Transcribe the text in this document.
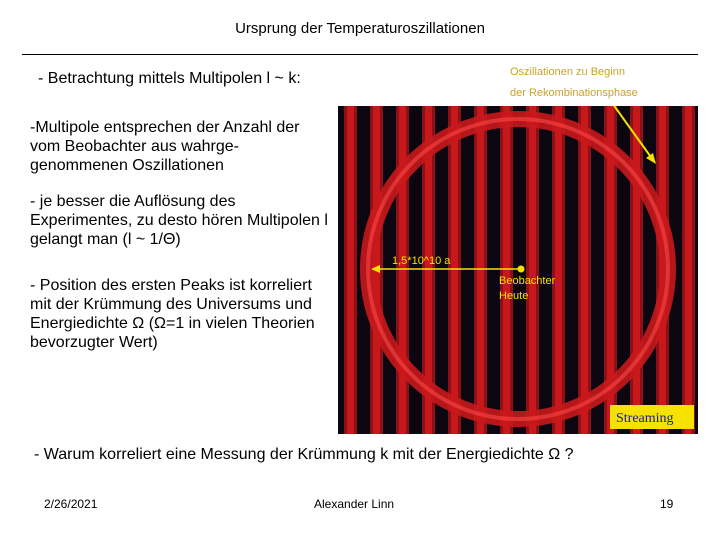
Ursprung der Temperaturoszillationen
- Betrachtung mittels Multipolen l ~ k:	Oszillationen zu Beginn
der Rekombinationsphase
-Multipole entsprechen der Anzahl der vom Beobachter aus wahrge-genommenen Oszillationen
- je besser die Auflösung des Experimentes, zu desto hören Multipolen l gelangt man (l ~ 1/Θ)
- Position des ersten Peaks ist korreliert mit der Krümmung des Universums und Energiedichte Ω (Ω=1 in vielen Theorien bevorzugter Wert)
1,5*10^10 a
Beobachter
Heute
Streaming
- Warum korreliert eine Messung der Krümmung k mit der Energiedichte Ω ?
2/26/2021	Alexander Linn	19
